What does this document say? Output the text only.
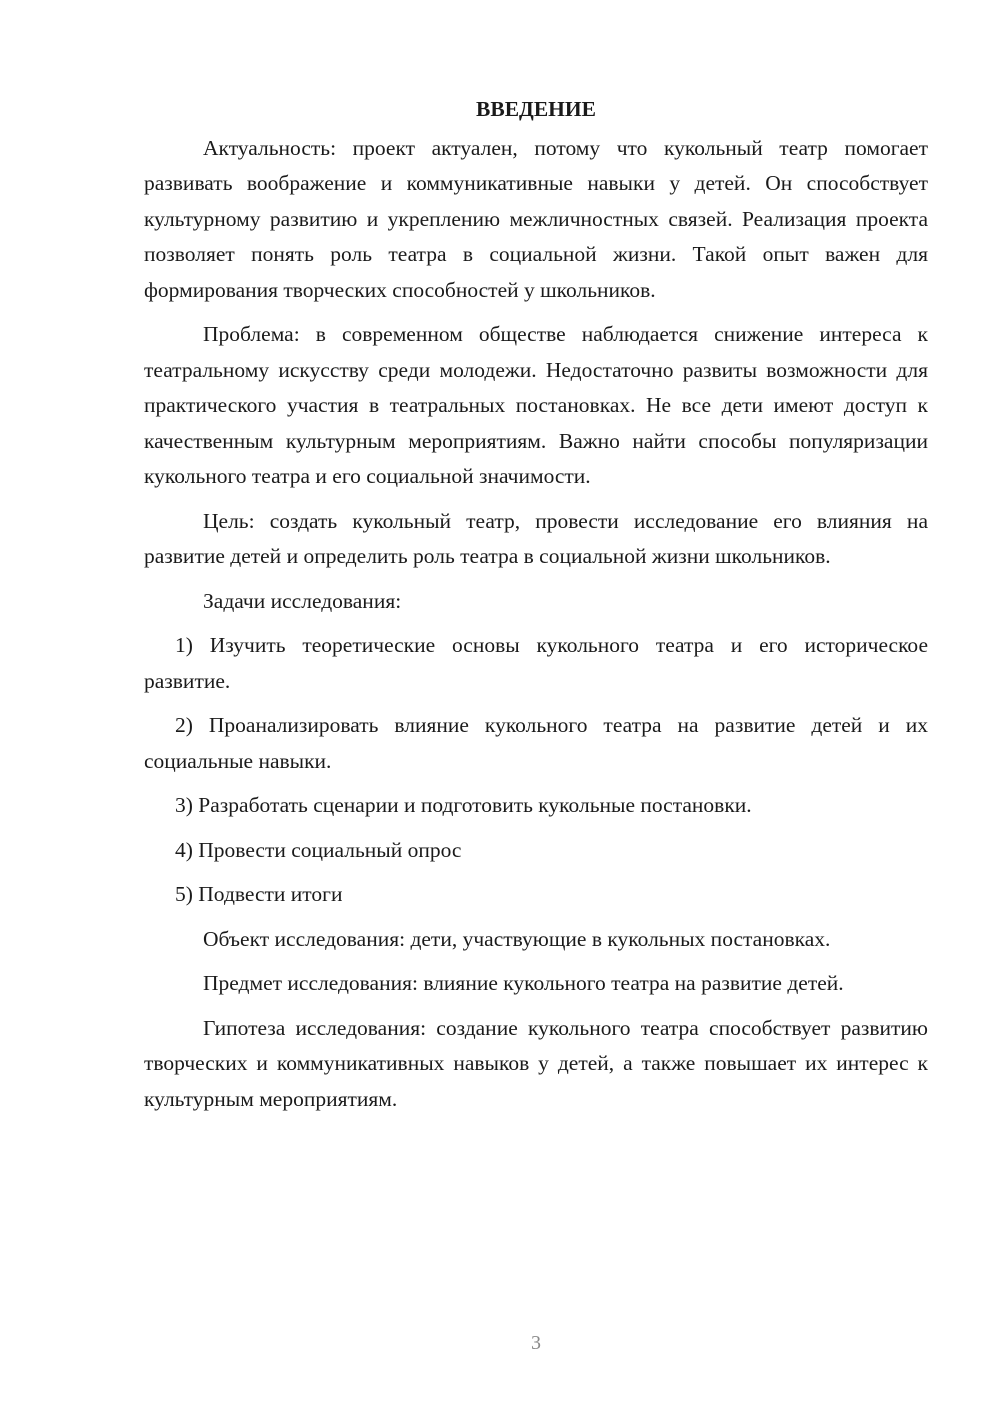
ВВЕДЕНИЕ

Актуальность: проект актуален, потому что кукольный театр помогает развивать воображение и коммуникативные навыки у детей. Он способствует культурному развитию и укреплению межличностных связей. Реализация проекта позволяет понять роль театра в социальной жизни. Такой опыт важен для формирования творческих способностей у школьников.

Проблема: в современном обществе наблюдается снижение интереса к театральному искусству среди молодежи. Недостаточно развиты возможности для практического участия в театральных постановках. Не все дети имеют доступ к качественным культурным мероприятиям. Важно найти способы популяризации кукольного театра и его социальной значимости.

Цель: создать кукольный театр, провести исследование его влияния на развитие детей и определить роль театра в социальной жизни школьников.

Задачи исследования:

1) Изучить теоретические основы кукольного театра и его историческое развитие.

2) Проанализировать влияние кукольного театра на развитие детей и их социальные навыки.

3) Разработать сценарии и подготовить кукольные постановки.

4) Провести социальный опрос

5) Подвести итоги

Объект исследования: дети, участвующие в кукольных постановках.

Предмет исследования: влияние кукольного театра на развитие детей.

Гипотеза исследования: создание кукольного театра способствует развитию творческих и коммуникативных навыков у детей, а также повышает их интерес к культурным мероприятиям.

3
